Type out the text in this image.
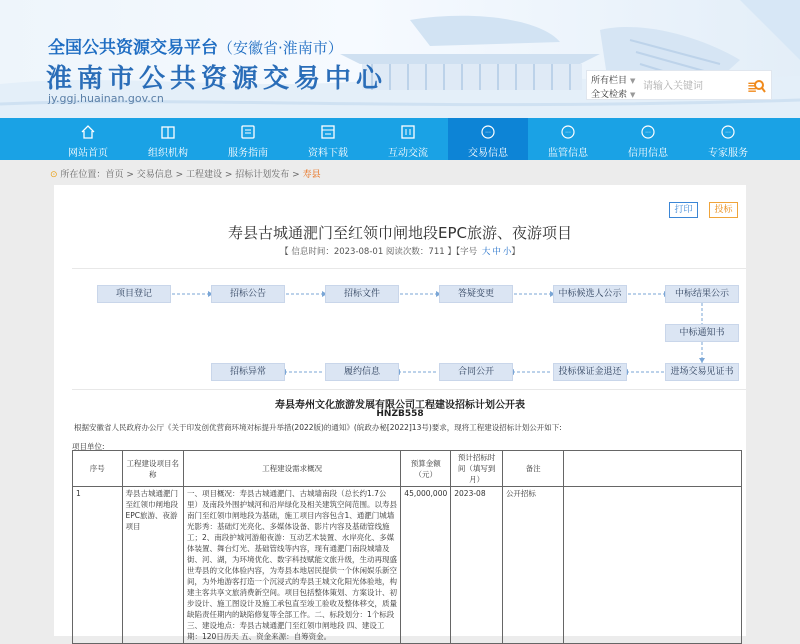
全国公共资源交易平台（安徽省·淮南市）
淮南市公共资源交易中心
jy.ggj.huainan.gov.cn
所有栏目 ▼
全文检索 ▼
请输入关键词
≣
网站首页	组织机构	服务指南	资料下载	互动交流
···
交易信息
···
监管信息
···
信用信息
···
专家服务
⊙ 所在位置：首页 > 交易信息 > 工程建设 > 招标计划发布 > 寿县
打印	投标
寿县古城通淝门至红领巾闸地段EPC旅游、夜游项目
【 信息时间：2023-08-01 阅读次数：711 】【字号 大 中 小】
项目登记	招标公告	招标文件	答疑变更	中标候选人公示	中标结果公示
中标通知书
进场交易见证书
投标保证金退还
合同公开
履约信息
招标异常
寿县寿州文化旅游发展有限公司工程建设招标计划公开表
HNZB558
根据安徽省人民政府办公厅《关于印发创优营商环境对标提升举措(2022版)的通知》(皖政办秘[2022]13号)要求，现将工程建设招标计划公开如下:
项目单位:
序号	工程建设项目名称	工程建设需求概况	预算金额（元）	预计招标时间（填写到月）	备注	
1	寿县古城通淝门至红领巾闸地段EPC旅游、夜游项目	一、项目概况：寿县古城通淝门、古城墙南段（总长约1.7公里）及南段外围护城河和沿岸绿化及相关建筑空间范围。以寿县南门至红领巾闸地段为基础，施工项目内容包含1、通淝门城墙光影秀：基础灯光亮化、多媒体设备、影片内容及基础管线施工；2、南段护城河游船夜游：互动艺术装置、水岸亮化、多媒体装置、舞台灯光、基础管线等内容，现有通淝门南段城墙及街、河、湖，为环境优化、数字科技赋能文旅升级，生动再现盛世寿县的文化体验内容，为寿县本地居民提供一个休闲娱乐新空间，为外地游客打造一个沉浸式的寿县王城文化阳光体验地，构建主客共享文旅消费新空间。项目包括整体策划、方案设计、初步设计、施工图设计及施工承包直至竣工验收及整体移交，质量缺陷责任期内的缺陷修复等全部工作。二、标段划分：1个标段 三、建设地点：寿县古城通淝门至红领巾闸地段 四、建设工期：120日历天 五、资金来源：自筹资金。	45,000,000	2023-08	公开招标	
